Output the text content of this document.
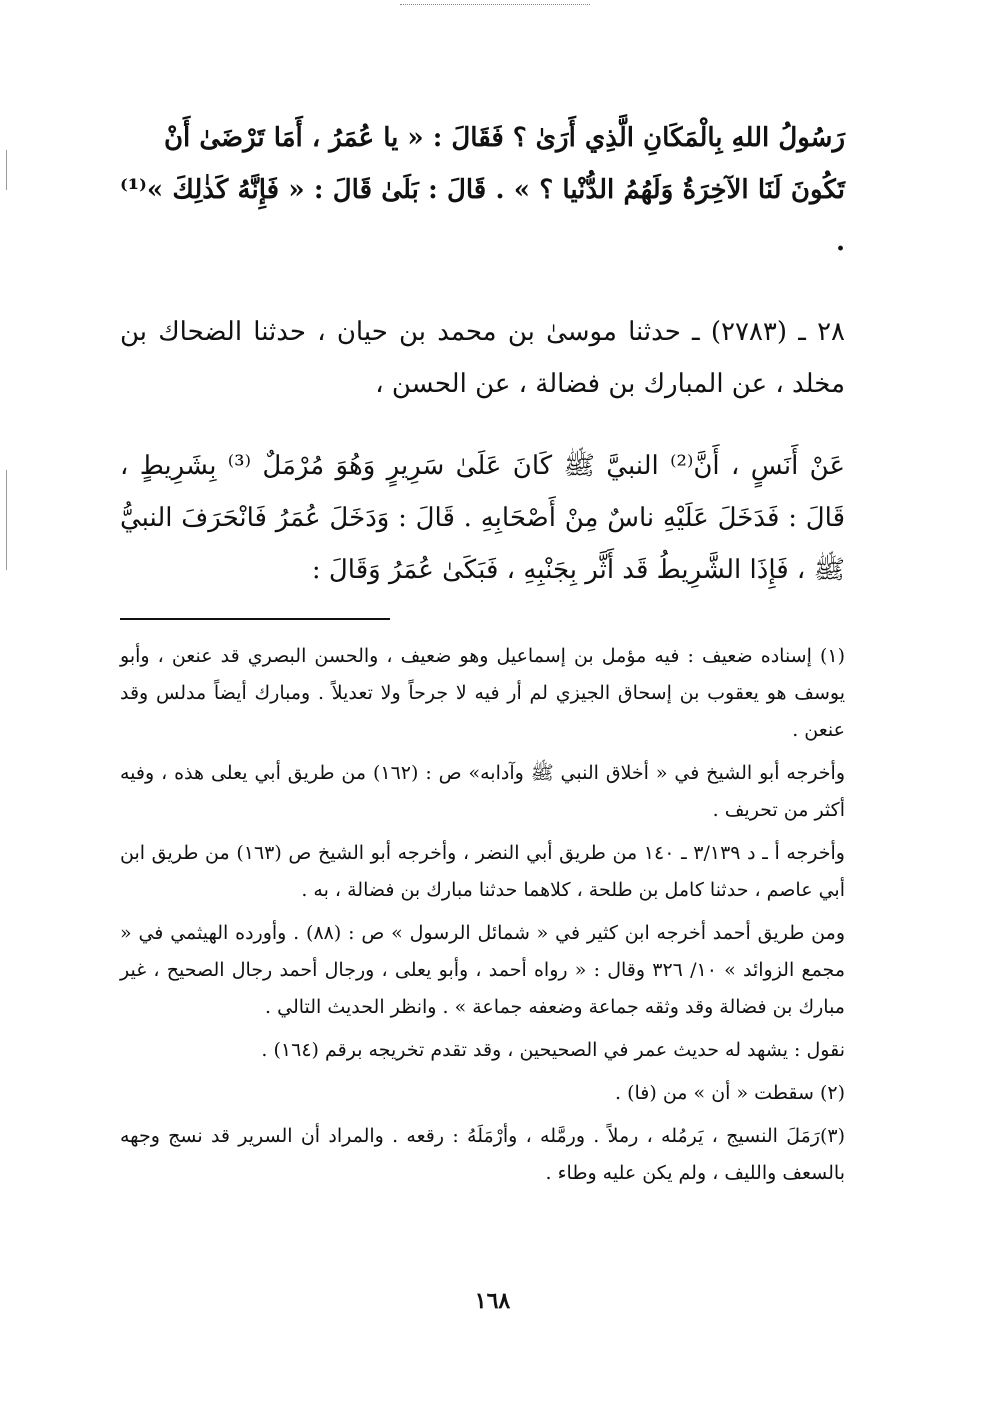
رَسُولُ اللهِ بِالْمَكَانِ الَّذِي أَرَىٰ ؟ فَقَالَ : « يا عُمَرُ ، أَمَا تَرْضَىٰ أَنْ
تَكُونَ لَنَا الآخِرَةُ وَلَهُمُ الدُّنْيا ؟ » . قَالَ : بَلَىٰ قَالَ : « فَإِنَّهُ كَذٰلِكَ »⁽¹⁾ .

٢٨ ـ (٢٧٨٣) ـ حدثنا موسىٰ بن محمد بن حيان ، حدثنا الضحاك بن مخلد ، عن المبارك بن فضالة ، عن الحسن ،

عَنْ أَنَسٍ ، أَنَّ⁽²⁾ النبيَّ ﷺ كَانَ عَلَىٰ سَرِيرٍ وَهُوَ مُرْمَلٌ ⁽³⁾ بِشَرِيطٍ ، قَالَ : فَدَخَلَ عَلَيْهِ ناسٌ مِنْ أَصْحَابِهِ . قَالَ : وَدَخَلَ عُمَرُ فَانْحَرَفَ النبيُّ ﷺ ، فَإِذَا الشَّرِيطُ قَد أَثَّر بِجَنْبِهِ ، فَبَكَىٰ عُمَرُ وَقَالَ :

(١) إسناده ضعيف : فيه مؤمل بن إسماعيل وهو ضعيف ، والحسن البصري قد عنعن ، وأبو يوسف هو يعقوب بن إسحاق الجيزي لم أر فيه لا جرحاً ولا تعديلاً . ومبارك أيضاً مدلس وقد عنعن .

وأخرجه أبو الشيخ في « أخلاق النبي ﷺ وآدابه» ص : (١٦٢) من طريق أبي يعلى هذه ، وفيه أكثر من تحريف .

وأخرجه أ ـ د ٣/١٣٩ ـ ١٤٠ من طريق أبي النضر ، وأخرجه أبو الشيخ ص (١٦٣) من طريق ابن أبي عاصم ، حدثنا كامل بن طلحة ، كلاهما حدثنا مبارك بن فضالة ، به .

ومن طريق أحمد أخرجه ابن كثير في « شمائل الرسول » ص : (٨٨) . وأورده الهيثمي في « مجمع الزوائد » ١٠/ ٣٢٦ وقال : « رواه أحمد ، وأبو يعلى ، ورجال أحمد رجال الصحيح ، غير مبارك بن فضالة وقد وثقه جماعة وضعفه جماعة » . وانظر الحديث التالي .

نقول : يشهد له حديث عمر في الصحيحين ، وقد تقدم تخريجه برقم (١٦٤) .

(٢) سقطت « أن » من (فا) .

(٣)رَمَلَ النسيج ، يَرمُله ، رملاً . ورمَّله ، وأرْمَلَهُ : رقعه . والمراد أن السرير قد نسج وجهه بالسعف والليف ، ولم يكن عليه وطاء .

١٦٨
